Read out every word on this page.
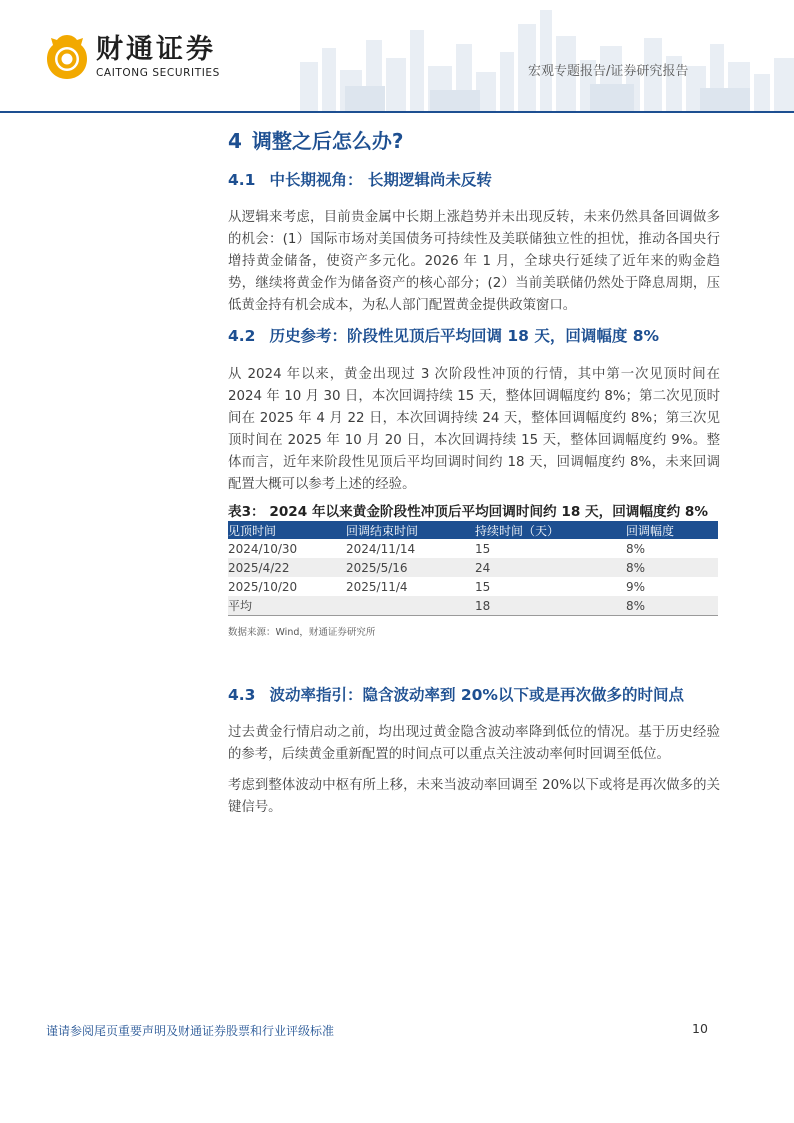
财通证券
CAITONG SECURITIES	宏观专题报告/证券研究报告
4 调整之后怎么办?
4.1 中长期视角： 长期逻辑尚未反转

从逻辑来考虑，目前贵金属中长期上涨趋势并未出现反转，未来仍然具备回调做多的机会：(1）国际市场对美国债务可持续性及美联储独立性的担忧，推动各国央行增持黄金储备，使资产多元化。2026 年 1 月，全球央行延续了近年来的购金趋势，继续将黄金作为储备资产的核心部分；(2）当前美联储仍然处于降息周期，压低黄金持有机会成本，为私人部门配置黄金提供政策窗口。

4.2 历史参考：阶段性见顶后平均回调 18 天，回调幅度 8%

从 2024 年以来，黄金出现过 3 次阶段性冲顶的行情，其中第一次见顶时间在 2024 年 10 月 30 日，本次回调持续 15 天，整体回调幅度约 8%；第二次见顶时间在 2025 年 4 月 22 日，本次回调持续 24 天，整体回调幅度约 8%；第三次见顶时间在 2025 年 10 月 20 日，本次回调持续 15 天，整体回调幅度约 9%。整体而言，近年来阶段性见顶后平均回调时间约 18 天，回调幅度约 8%，未来回调配置大概可以参考上述的经验。

表3： 2024 年以来黄金阶段性冲顶后平均回调时间约 18 天，回调幅度约 8%
见顶时间	回调结束时间	持续时间（天）	回调幅度
2024/10/30	2024/11/14	15	8%
2025/4/22	2025/5/16	24	8%
2025/10/20	2025/11/4	15	9%
平均		18	8%
数据来源：Wind，财通证券研究所
4.3 波动率指引：隐含波动率到 20%以下或是再次做多的时间点

过去黄金行情启动之前，均出现过黄金隐含波动率降到低位的情况。基于历史经验的参考，后续黄金重新配置的时间点可以重点关注波动率何时回调至低位。

考虑到整体波动中枢有所上移，未来当波动率回调至 20%以下或将是再次做多的关键信号。

谨请参阅尾页重要声明及财通证券股票和行业评级标准	10
